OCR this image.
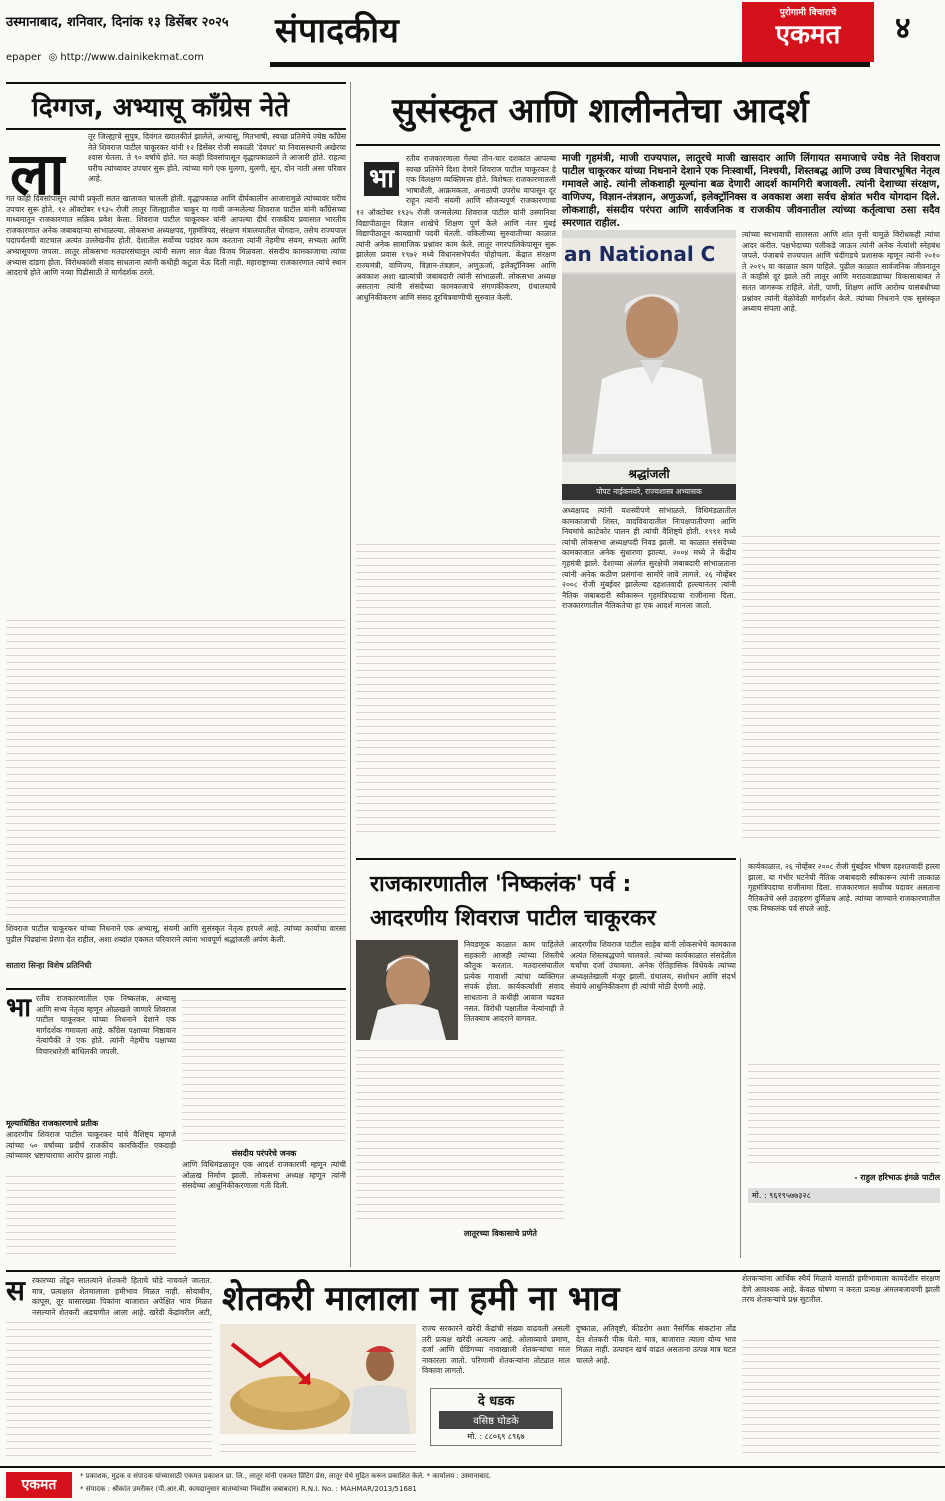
उस्मानाबाद, शनिवार, दिनांक १३ डिसेंबर २०२५
epaper ◎ http://www.dainikekmat.com
संपादकीय	पुरोगामी विचाराचे
एकमत	४
दिग्गज, अभ्यासू काँग्रेस नेते
ला
तूर जिल्ह्याचे सुपुत्र, दिवंगत ख्यातकीर्त झालेले, अभ्यासू, मितभाषी, स्वच्छ प्रतिमेचे ज्येष्ठ काँग्रेस नेते शिवराज पाटील चाकूरकर यांनी १२ डिसेंबर रोजी सकाळी 'देवघर' या निवासस्थानी अखेरचा श्वास घेतला. ते ९० वर्षांचे होते. गत काही दिवसांपासून वृद्धापकाळाने ते आजारी होते. राहत्या घरीच त्यांच्यावर उपचार सुरू होते. त्यांच्या मागे एक मुलगा, मुलगी, सून, दोन नाती असा परिवार आहे.
गत काही दिवसांपासून त्यांची प्रकृती सतत खालावत चालली होती. वृद्धापकाळ आणि दीर्घकालीन आजारामुळे त्यांच्यावर घरीच उपचार सुरू होते. १२ ऑक्टोबर १९३५ रोजी लातूर जिल्ह्यातील चाकूर या गावी जन्मलेल्या शिवराज पाटील यांनी काँग्रेसच्या माध्यमातून राजकारणात सक्रिय प्रवेश केला. शिवराज पाटील चाकूरकर यांनी आपल्या दीर्घ राजकीय प्रवासात भारतीय राजकारणात अनेक जबाबदाऱ्या सांभाळल्या. लोकसभा अध्यक्षपद, गृहमंत्रिपद, संरक्षण मंत्रालयातील योगदान, तसेच राज्यपाल पदापर्यंतची वाटचाल अत्यंत उल्लेखनीय होती. देशातील सर्वोच्च पदांवर काम करताना त्यांनी नेहमीच संयम, सभ्यता आणि अभ्यासूपणा जपला. लातूर लोकसभा मतदारसंघातून त्यांनी सलग सात वेळा विजय मिळवला. संसदीय कामकाजाचा त्यांचा अभ्यास दांडगा होता. विरोधकांशी संवाद साधताना त्यांनी कधीही कटुता येऊ दिली नाही. महाराष्ट्राच्या राजकारणात त्यांचे स्थान आदराचे होते आणि नव्या पिढीसाठी ते मार्गदर्शक ठरले.
शिवराज पाटील चाकूरकर यांच्या निधनाने एक अभ्यासू, संयमी आणि सुसंस्कृत नेतृत्व हरपले आहे. त्यांच्या कार्याचा वारसा पुढील पिढ्यांना प्रेरणा देत राहील, अशा शब्दांत एकमत परिवाराने त्यांना भावपूर्ण श्रद्धांजली अर्पण केली.
सातारा सिन्हा विशेष प्रतिनिधी
सुसंस्कृत आणि शालीनतेचा आदर्श
माजी गृहमंत्री, माजी राज्यपाल, लातूरचे माजी खासदार आणि लिंगायत समाजाचे ज्येष्ठ नेते शिवराज पाटील चाकूरकर यांच्या निधनाने देशाने एक निःस्वार्थी, निश्चयी, शिस्तबद्ध आणि उच्च विचारभूषित नेतृत्व गमावले आहे. त्यांनी लोकशाही मूल्यांना बळ देणारी आदर्श कामगिरी बजावली. त्यांनी देशाच्या संरक्षण, वाणिज्य, विज्ञान-तंत्रज्ञान, अणुऊर्जा, इलेक्ट्रॉनिक्स व अवकाश अशा सर्वच क्षेत्रांत भरीव योगदान दिले. लोकशाही, संसदीय परंपरा आणि सार्वजनिक व राजकीय जीवनातील त्यांच्या कर्तृत्वाचा ठसा सदैव स्मरणात राहील.
भा
रतीय राजकारणाला गेल्या तीन-चार दशकांत आपल्या स्वच्छ प्रतिमेने दिशा देणारे शिवराज पाटील चाकूरकर हे एक विलक्षण व्यक्तिमत्त्व होते. विशेषतः राजकारणातली भाषाशैली, आक्रमकता, अनाठायी उपरोध यापासून दूर राहून त्यांनी संयमी आणि सौजन्यपूर्ण राजकारणाचा
१२ ऑक्टोबर १९३५ रोजी जन्मलेल्या शिवराज पाटील यांनी उस्मानिया विद्यापीठातून विज्ञान शाखेचे शिक्षण पूर्ण केले आणि नंतर मुंबई विद्यापीठातून कायद्याची पदवी घेतली. वकिलीच्या सुरुवातीच्या काळात त्यांनी अनेक सामाजिक प्रश्नांवर काम केले. लातूर नगरपालिकेपासून सुरू झालेला प्रवास १९७२ मध्ये विधानसभेपर्यंत पोहोचला. केंद्रात संरक्षण राज्यमंत्री, वाणिज्य, विज्ञान-तंत्रज्ञान, अणुऊर्जा, इलेक्ट्रॉनिक्स आणि अवकाश अशा खात्यांची जबाबदारी त्यांनी सांभाळली. लोकसभा अध्यक्ष असताना त्यांनी संसदेच्या कामकाजाचे संगणकीकरण, ग्रंथालयाचे आधुनिकीकरण आणि संसद दूरचित्रवाणीची सुरुवात केली.
an National C
श्रद्धांजली
पोपट नाईकनवरे, राज्यशास्त्र अभ्यासक
अध्यक्षपद त्यांनी यशस्वीपणे सांभाळले. विधिमंडळातील कामकाजाची शिस्त, वादविवादातील निःपक्षपातीपणा आणि नियमांचे काटेकोर पालन ही त्यांची वैशिष्ट्ये होती. १९९१ मध्ये त्यांची लोकसभा अध्यक्षपदी निवड झाली. या काळात संसदेच्या कामकाजात अनेक सुधारणा झाल्या. २००४ मध्ये ते केंद्रीय गृहमंत्री झाले. देशाच्या अंतर्गत सुरक्षेची जबाबदारी सांभाळताना त्यांनी अनेक कठीण प्रसंगांना सामोरे जावे लागले. २६ नोव्हेंबर २००८ रोजी मुंबईवर झालेल्या दहशतवादी हल्ल्यानंतर त्यांनी नैतिक जबाबदारी स्वीकारून गृहमंत्रिपदाचा राजीनामा दिला. राजकारणातील नैतिकतेचा हा एक आदर्श मानला जातो.
त्यांच्या स्वभावाची सालसता आणि शांत वृत्ती यामुळे विरोधकही त्यांचा आदर करीत. पक्षभेदाच्या पलीकडे जाऊन त्यांनी अनेक नेत्यांशी स्नेहबंध जपले. पंजाबचे राज्यपाल आणि चंदीगडचे प्रशासक म्हणून त्यांनी २०१० ते २०१५ या काळात काम पाहिले. पुढील काळात सार्वजनिक जीवनातून ते काहीसे दूर झाले तरी लातूर आणि मराठवाड्याच्या विकासाबाबत ते सतत जागरूक राहिले. शेती, पाणी, शिक्षण आणि आरोग्य यासंबंधीच्या प्रश्नांवर त्यांनी वेळोवेळी मार्गदर्शन केले. त्यांच्या निधनाने एक सुसंस्कृत अध्याय संपला आहे.
राजकारणातील 'निष्कलंक' पर्व :
आदरणीय शिवराज पाटील चाकूरकर
निवडणूक काळात काम पाहिलेले सहकारी आजही त्यांच्या शिस्तीचे कौतुक करतात. मतदारसंघातील प्रत्येक गावाशी त्यांचा व्यक्तिगत संपर्क होता. कार्यकर्त्यांशी संवाद साधताना ते कधीही आवाज चढवत नसत. विरोधी पक्षातील नेत्यांनाही ते तितक्याच आदराने वागवत.
आदरणीय शिवराज पाटील साहेब यांनी लोकसभेचे कामकाज अत्यंत शिस्तबद्धपणे चालवले. त्यांच्या कार्यकाळात संसदेतील चर्चांचा दर्जा उंचावला. अनेक ऐतिहासिक विधेयके त्यांच्या अध्यक्षतेखाली मंजूर झाली. ग्रंथालय, संशोधन आणि संदर्भ सेवांचे आधुनिकीकरण ही त्यांची मोठी देणगी आहे.
लातूरच्या विकासाचे प्रणेते
कार्यकाळात, २६ नोव्हेंबर २००८ रोजी मुंबईवर भीषण दहशतवादी हल्ला झाला. या गंभीर घटनेची नैतिक जबाबदारी स्वीकारून त्यांनी तात्काळ गृहमंत्रिपदाचा राजीनामा दिला. राजकारणात सर्वोच्च पदावर असताना नैतिकतेचे असे उदाहरण दुर्मिळच आहे. त्यांच्या जाण्याने राजकारणातील एक निष्कलंक पर्व संपले आहे.
- राहुल हरिभाऊ इंगळे पाटील
मो. : ९६१९५७७३२८
भा रतीय राजकारणातील एक निष्कलंक, अभ्यासू आणि सभ्य नेतृत्व म्हणून ओळखले जाणारे शिवराज पाटील चाकूरकर यांच्या निधनाने देशाने एक मार्गदर्शक गमावला आहे. काँग्रेस पक्षाच्या निष्ठावान नेत्यांपैकी ते एक होते. त्यांनी नेहमीच पक्षाच्या विचारधारेशी बांधिलकी जपली.
मूल्याधिष्ठित राजकारणाचे प्रतीक
आदरणीय शिवराज पाटील चाकूरकर यांचे वैशिष्ट्य म्हणजे त्यांच्या ५० वर्षांच्या प्रदीर्घ राजकीय कारकिर्दीत एकदाही त्यांच्यावर भ्रष्टाचाराचा आरोप झाला नाही.	संसदीय परंपरेचे जनक
आणि विधिमंडळातून एक आदर्श राजकारणी म्हणून त्यांची ओळख निर्माण झाली. लोकसभा अध्यक्ष म्हणून त्यांनी संसदेच्या आधुनिकीकरणाला गती दिली.
स रकारच्या तोंडून सातत्याने शेतकरी हिताचे घोडे नाचवले जातात. मात्र, प्रत्यक्षात शेतमालाला हमीभाव मिळत नाही. सोयाबीन, कापूस, तूर यासारख्या पिकांना बाजारात अपेक्षित भाव मिळत नसल्याने शेतकरी अडचणीत आला आहे. खरेदी केंद्रांवरील अटी, शेतकरी मालाला ना हमी ना भाव
राज्य सरकारने खरेदी केंद्रांची संख्या वाढवली असली तरी प्रत्यक्ष खरेदी अत्यल्प आहे. ओलाव्याचे प्रमाण, दर्जा आणि ग्रेडिंगच्या नावाखाली शेतकऱ्यांचा माल नाकारला जातो. परिणामी शेतकऱ्यांना तोट्यात माल विकावा लागतो.
दे धडक
वसिष्ठ घोडके
मो. : ८८०६९ ८९६७
दुष्काळ, अतिवृष्टी, कीडरोग अशा नैसर्गिक संकटांना तोंड देत शेतकरी पीक घेतो. मात्र, बाजारात त्याला योग्य भाव मिळत नाही. उत्पादन खर्च वाढत असताना उत्पन्न मात्र घटत चालले आहे.
शेतकऱ्यांना आर्थिक स्थैर्य मिळावे यासाठी हमीभावाला कायदेशीर संरक्षण देणे आवश्यक आहे. केवळ घोषणा न करता प्रत्यक्ष अंमलबजावणी झाली तरच शेतकऱ्यांचे प्रश्न सुटतील.
एकमत
* प्रकाशक, मुद्रक व संपादक यांच्यासाठी एकमत प्रकाशन प्रा. लि., लातूर यांनी एकमत प्रिंटिंग प्रेस, लातूर येथे मुद्रित करून प्रकाशित केले. * कार्यालय : उस्मानाबाद.
* संपादक : श्रीकांत उमरीकर (पी.आर.बी. कायद्यानुसार बातम्यांच्या निवडीस जबाबदार) R.N.I. No. : MAHMAR/2013/51681
